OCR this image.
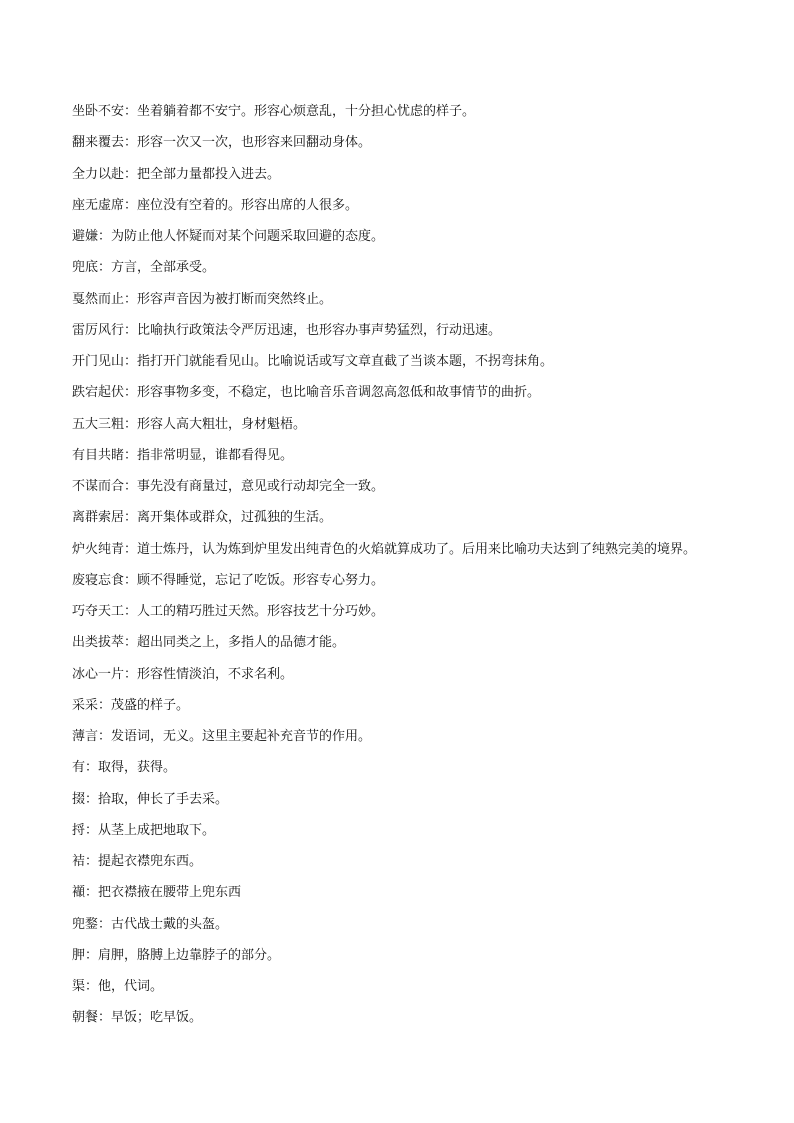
坐卧不安：坐着躺着都不安宁。形容心烦意乱，十分担心忧虑的样子。
翻来覆去：形容一次又一次，也形容来回翻动身体。
全力以赴：把全部力量都投入进去。
座无虚席：座位没有空着的。形容出席的人很多。
避嫌：为防止他人怀疑而对某个问题采取回避的态度。
兜底：方言，全部承受。
戛然而止：形容声音因为被打断而突然终止。
雷厉风行：比喻执行政策法令严厉迅速，也形容办事声势猛烈，行动迅速。
开门见山：指打开门就能看见山。比喻说话或写文章直截了当谈本题，不拐弯抹角。
跌宕起伏：形容事物多变，不稳定，也比喻音乐音调忽高忽低和故事情节的曲折。
五大三粗：形容人高大粗壮，身材魁梧。
有目共睹：指非常明显，谁都看得见。
不谋而合：事先没有商量过，意见或行动却完全一致。
离群索居：离开集体或群众，过孤独的生活。
炉火纯青：道士炼丹，认为炼到炉里发出纯青色的火焰就算成功了。后用来比喻功夫达到了纯熟完美的境界。
废寝忘食：顾不得睡觉，忘记了吃饭。形容专心努力。
巧夺天工：人工的精巧胜过天然。形容技艺十分巧妙。
出类拔萃：超出同类之上，多指人的品德才能。
冰心一片：形容性情淡泊，不求名利。
采采：茂盛的样子。
薄言：发语词，无义。这里主要起补充音节的作用。
有：取得，获得。
掇：拾取，伸长了手去采。
捋：从茎上成把地取下。
袺：提起衣襟兜东西。
襭：把衣襟掖在腰带上兜东西
兜鍪：古代战士戴的头盔。
胛：肩胛，胳膊上边靠脖子的部分。
渠：他，代词。
朝餐：早饭；吃早饭。
